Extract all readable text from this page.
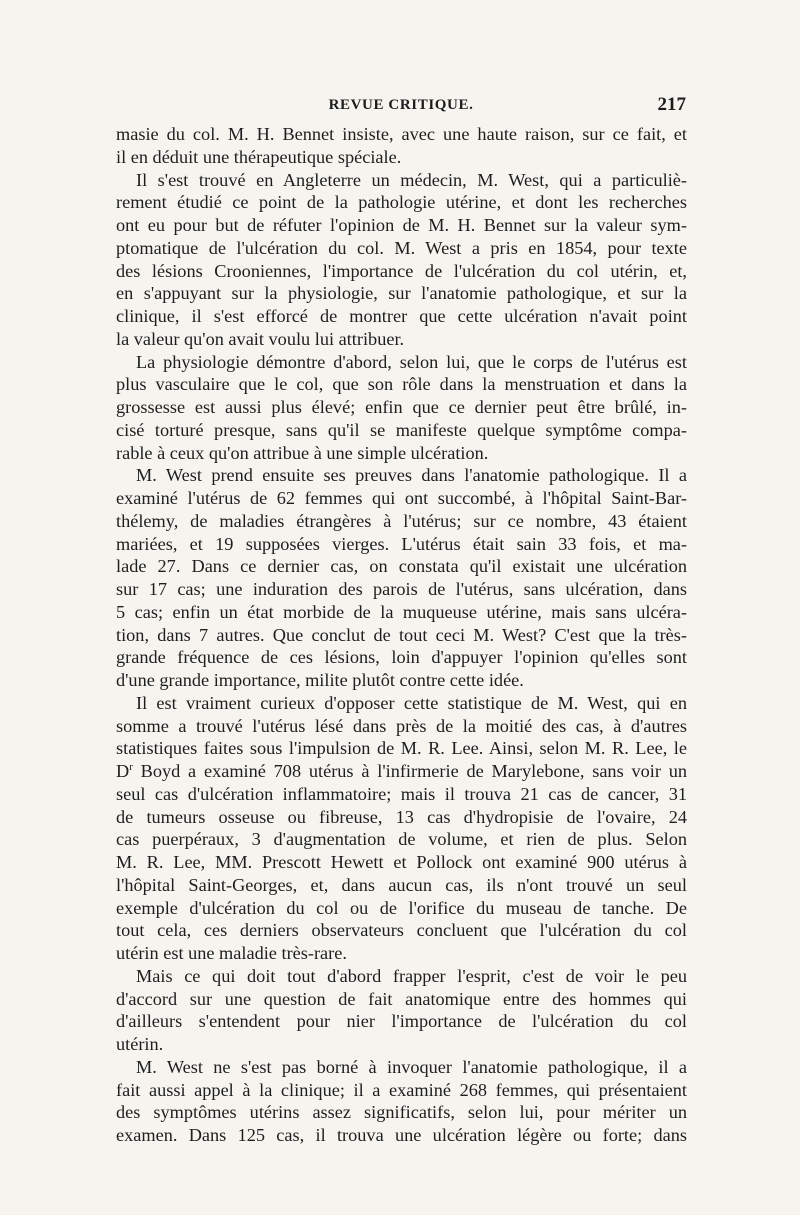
REVUE CRITIQUE.	217
masie du col. M. H. Bennet insiste, avec une haute raison, sur ce fait, et
il en déduit une thérapeutique spéciale.
Il s'est trouvé en Angleterre un médecin, M. West, qui a particuliè-
rement étudié ce point de la pathologie utérine, et dont les recherches
ont eu pour but de réfuter l'opinion de M. H. Bennet sur la valeur sym-
ptomatique de l'ulcération du col. M. West a pris en 1854, pour texte
des lésions Crooniennes, l'importance de l'ulcération du col utérin, et,
en s'appuyant sur la physiologie, sur l'anatomie pathologique, et sur la
clinique, il s'est efforcé de montrer que cette ulcération n'avait point
la valeur qu'on avait voulu lui attribuer.
La physiologie démontre d'abord, selon lui, que le corps de l'utérus est
plus vasculaire que le col, que son rôle dans la menstruation et dans la
grossesse est aussi plus élevé; enfin que ce dernier peut être brûlé, in-
cisé torturé presque, sans qu'il se manifeste quelque symptôme compa-
rable à ceux qu'on attribue à une simple ulcération.
M. West prend ensuite ses preuves dans l'anatomie pathologique. Il a
examiné l'utérus de 62 femmes qui ont succombé, à l'hôpital Saint-Bar-
thélemy, de maladies étrangères à l'utérus; sur ce nombre, 43 étaient
mariées, et 19 supposées vierges. L'utérus était sain 33 fois, et ma-
lade 27. Dans ce dernier cas, on constata qu'il existait une ulcération
sur 17 cas; une induration des parois de l'utérus, sans ulcération, dans
5 cas; enfin un état morbide de la muqueuse utérine, mais sans ulcéra-
tion, dans 7 autres. Que conclut de tout ceci M. West? C'est que la très-
grande fréquence de ces lésions, loin d'appuyer l'opinion qu'elles sont
d'une grande importance, milite plutôt contre cette idée.
Il est vraiment curieux d'opposer cette statistique de M. West, qui en
somme a trouvé l'utérus lésé dans près de la moitié des cas, à d'autres
statistiques faites sous l'impulsion de M. R. Lee. Ainsi, selon M. R. Lee, le
$D^r$ Boyd a examiné 708 utérus à l'infirmerie de Marylebone, sans voir un
seul cas d'ulcération inflammatoire; mais il trouva 21 cas de cancer, 31
de tumeurs osseuse ou fibreuse, 13 cas d'hydropisie de l'ovaire, 24
cas puerpéraux, 3 d'augmentation de volume, et rien de plus. Selon
M. R. Lee, MM. Prescott Hewett et Pollock ont examiné 900 utérus à
l'hôpital Saint-Georges, et, dans aucun cas, ils n'ont trouvé un seul
exemple d'ulcération du col ou de l'orifice du museau de tanche. De
tout cela, ces derniers observateurs concluent que l'ulcération du col
utérin est une maladie très-rare.
Mais ce qui doit tout d'abord frapper l'esprit, c'est de voir le peu
d'accord sur une question de fait anatomique entre des hommes qui
d'ailleurs s'entendent pour nier l'importance de l'ulcération du col
utérin.
M. West ne s'est pas borné à invoquer l'anatomie pathologique, il a
fait aussi appel à la clinique; il a examiné 268 femmes, qui présentaient
des symptômes utérins assez significatifs, selon lui, pour mériter un
examen. Dans 125 cas, il trouva une ulcération légère ou forte; dans
